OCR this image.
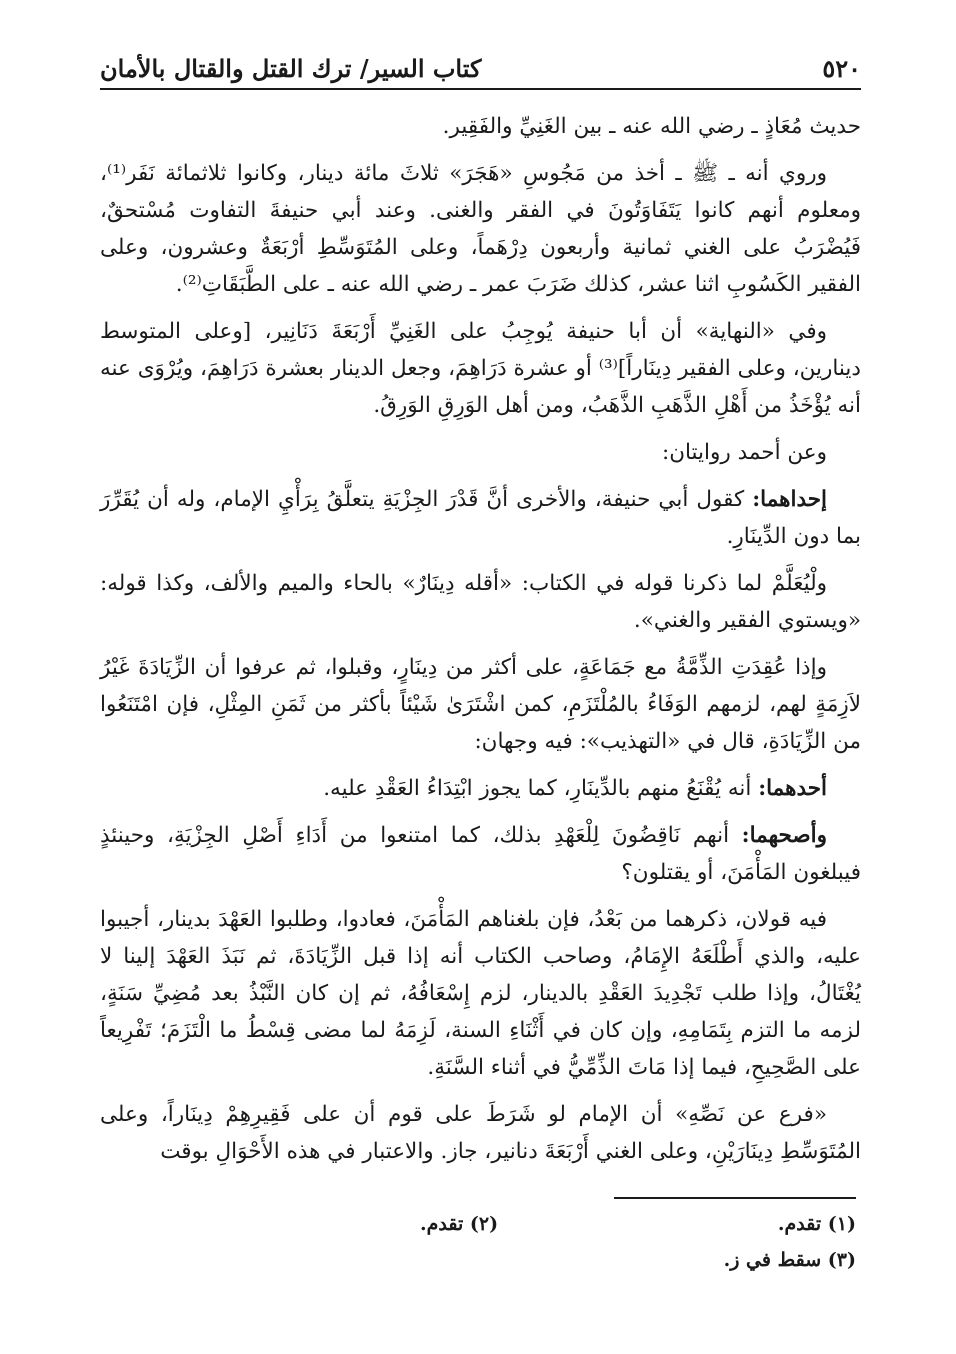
٥٢٠
كتاب السير/ ترك القتل والقتال بالأمان

حديث مُعَاذٍ ـ رضي الله عنه ـ بين الغَنِيِّ والفَقِير.

وروي أنه ـ ﷺ ـ أخذ من مَجُوسِ «هَجَرَ» ثلاثَ مائة دينار، وكانوا ثلاثمائة نَفَر⁽¹⁾، ومعلوم أنهم كانوا يَتَفَاوَتُونَ في الفقر والغنى. وعند أبي حنيفةَ التفاوت مُسْتحقٌ، فَيُضْرَبُ على الغني ثمانية وأربعون دِرْهَماً، وعلى المُتَوَسِّطِ أرْبَعَةٌ وعشرون، وعلى الفقير الكَسُوبِ اثنا عشر، كذلك ضَرَبَ عمر ـ رضي الله عنه ـ على الطَّبَقَاتِ⁽²⁾.

وفي «النهاية» أن أبا حنيفة يُوجِبُ على الغَنِيِّ أَرْبَعَةَ دَنَانِير، [وعلى المتوسط دينارين، وعلى الفقير دِينَاراً]⁽³⁾ أو عشرة دَرَاهِمَ، وجعل الدينار بعشرة دَرَاهِمَ، ويُرْوَى عنه أنه يُؤْخَذُ من أَهْلِ الذَّهَبِ الذَّهَبُ، ومن أهل الوَرِقِ الوَرِقُ.

وعن أحمد روايتان:

إحداهما: كقول أبي حنيفة، والأخرى أنَّ قَدْرَ الجِزْيَةِ يتعلَّقُ بِرَأْيِ الإمام، وله أن يُقَرِّرَ بما دون الدِّينَارِ.

ولْيُعَلَّمْ لما ذكرنا قوله في الكتاب: «أقله دِينَارٌ» بالحاء والميم والألف، وكذا قوله: «ويستوي الفقير والغني».

وإذا عُقِدَتِ الذِّمَّةُ مع جَمَاعَةٍ، على أكثر من دِينَارٍ، وقبلوا، ثم عرفوا أن الزِّيَادَةَ غَيْرُ لاَزِمَةٍ لهم، لزمهم الوَفَاءُ بالمُلْتَزَمِ، كمن اشْتَرَىٰ شَيْئاً بأكثر من ثَمَنِ المِثْلِ، فإن امْتَنَعُوا من الزِّيَادَةِ، قال في «التهذيب»: فيه وجهان:

أحدهما: أنه يُقْنَعُ منهم بالدِّينَارِ، كما يجوز ابْتِدَاءُ العَقْدِ عليه.

وأصحهما: أنهم نَاقِضُونَ لِلْعَهْدِ بذلك، كما امتنعوا من أَدَاءِ أَصْلِ الجِزْيَةِ، وحينئذٍ فيبلغون المَأْمَنَ، أو يقتلون؟

فيه قولان، ذكرهما من بَعْدُ، فإن بلغناهم المَأْمَنَ، فعادوا، وطلبوا العَهْدَ بدينار، أجيبوا عليه، والذي أَطْلَعَهُ الإِمَامُ، وصاحب الكتاب أنه إذا قبل الزِّيَادَةَ، ثم نَبَذَ العَهْدَ إلينا لا يُغْتَالُ، وإذا طلب تَجْدِيدَ العَقْدِ بالدينار، لزم إِسْعَافُهُ، ثم إن كان النَّبْذُ بعد مُضِيِّ سَنَةٍ، لزمه ما التزم بِتَمَامِهِ، وإن كان في أَثْنَاءِ السنة، لَزِمَهُ لما مضى قِسْطُ ما الْتَزَمَ؛ تَفْرِيعاً على الصَّحِيحِ، فيما إذا مَاتَ الذِّمِّيُّ في أثناء السَّنَةِ.

«فرع عن نَصِّهِ» أن الإمام لو شَرَطَ على قوم أن على فَقِيرِهِمْ دِينَاراً، وعلى المُتَوَسِّطِ دِينَارَيْنِ، وعلى الغني أَرْبَعَةَ دنانير، جاز. والاعتبار في هذه الأَحْوَالِ بوقت

(١) تقدم.
(٢) تقدم.
(٣) سقط في ز.
